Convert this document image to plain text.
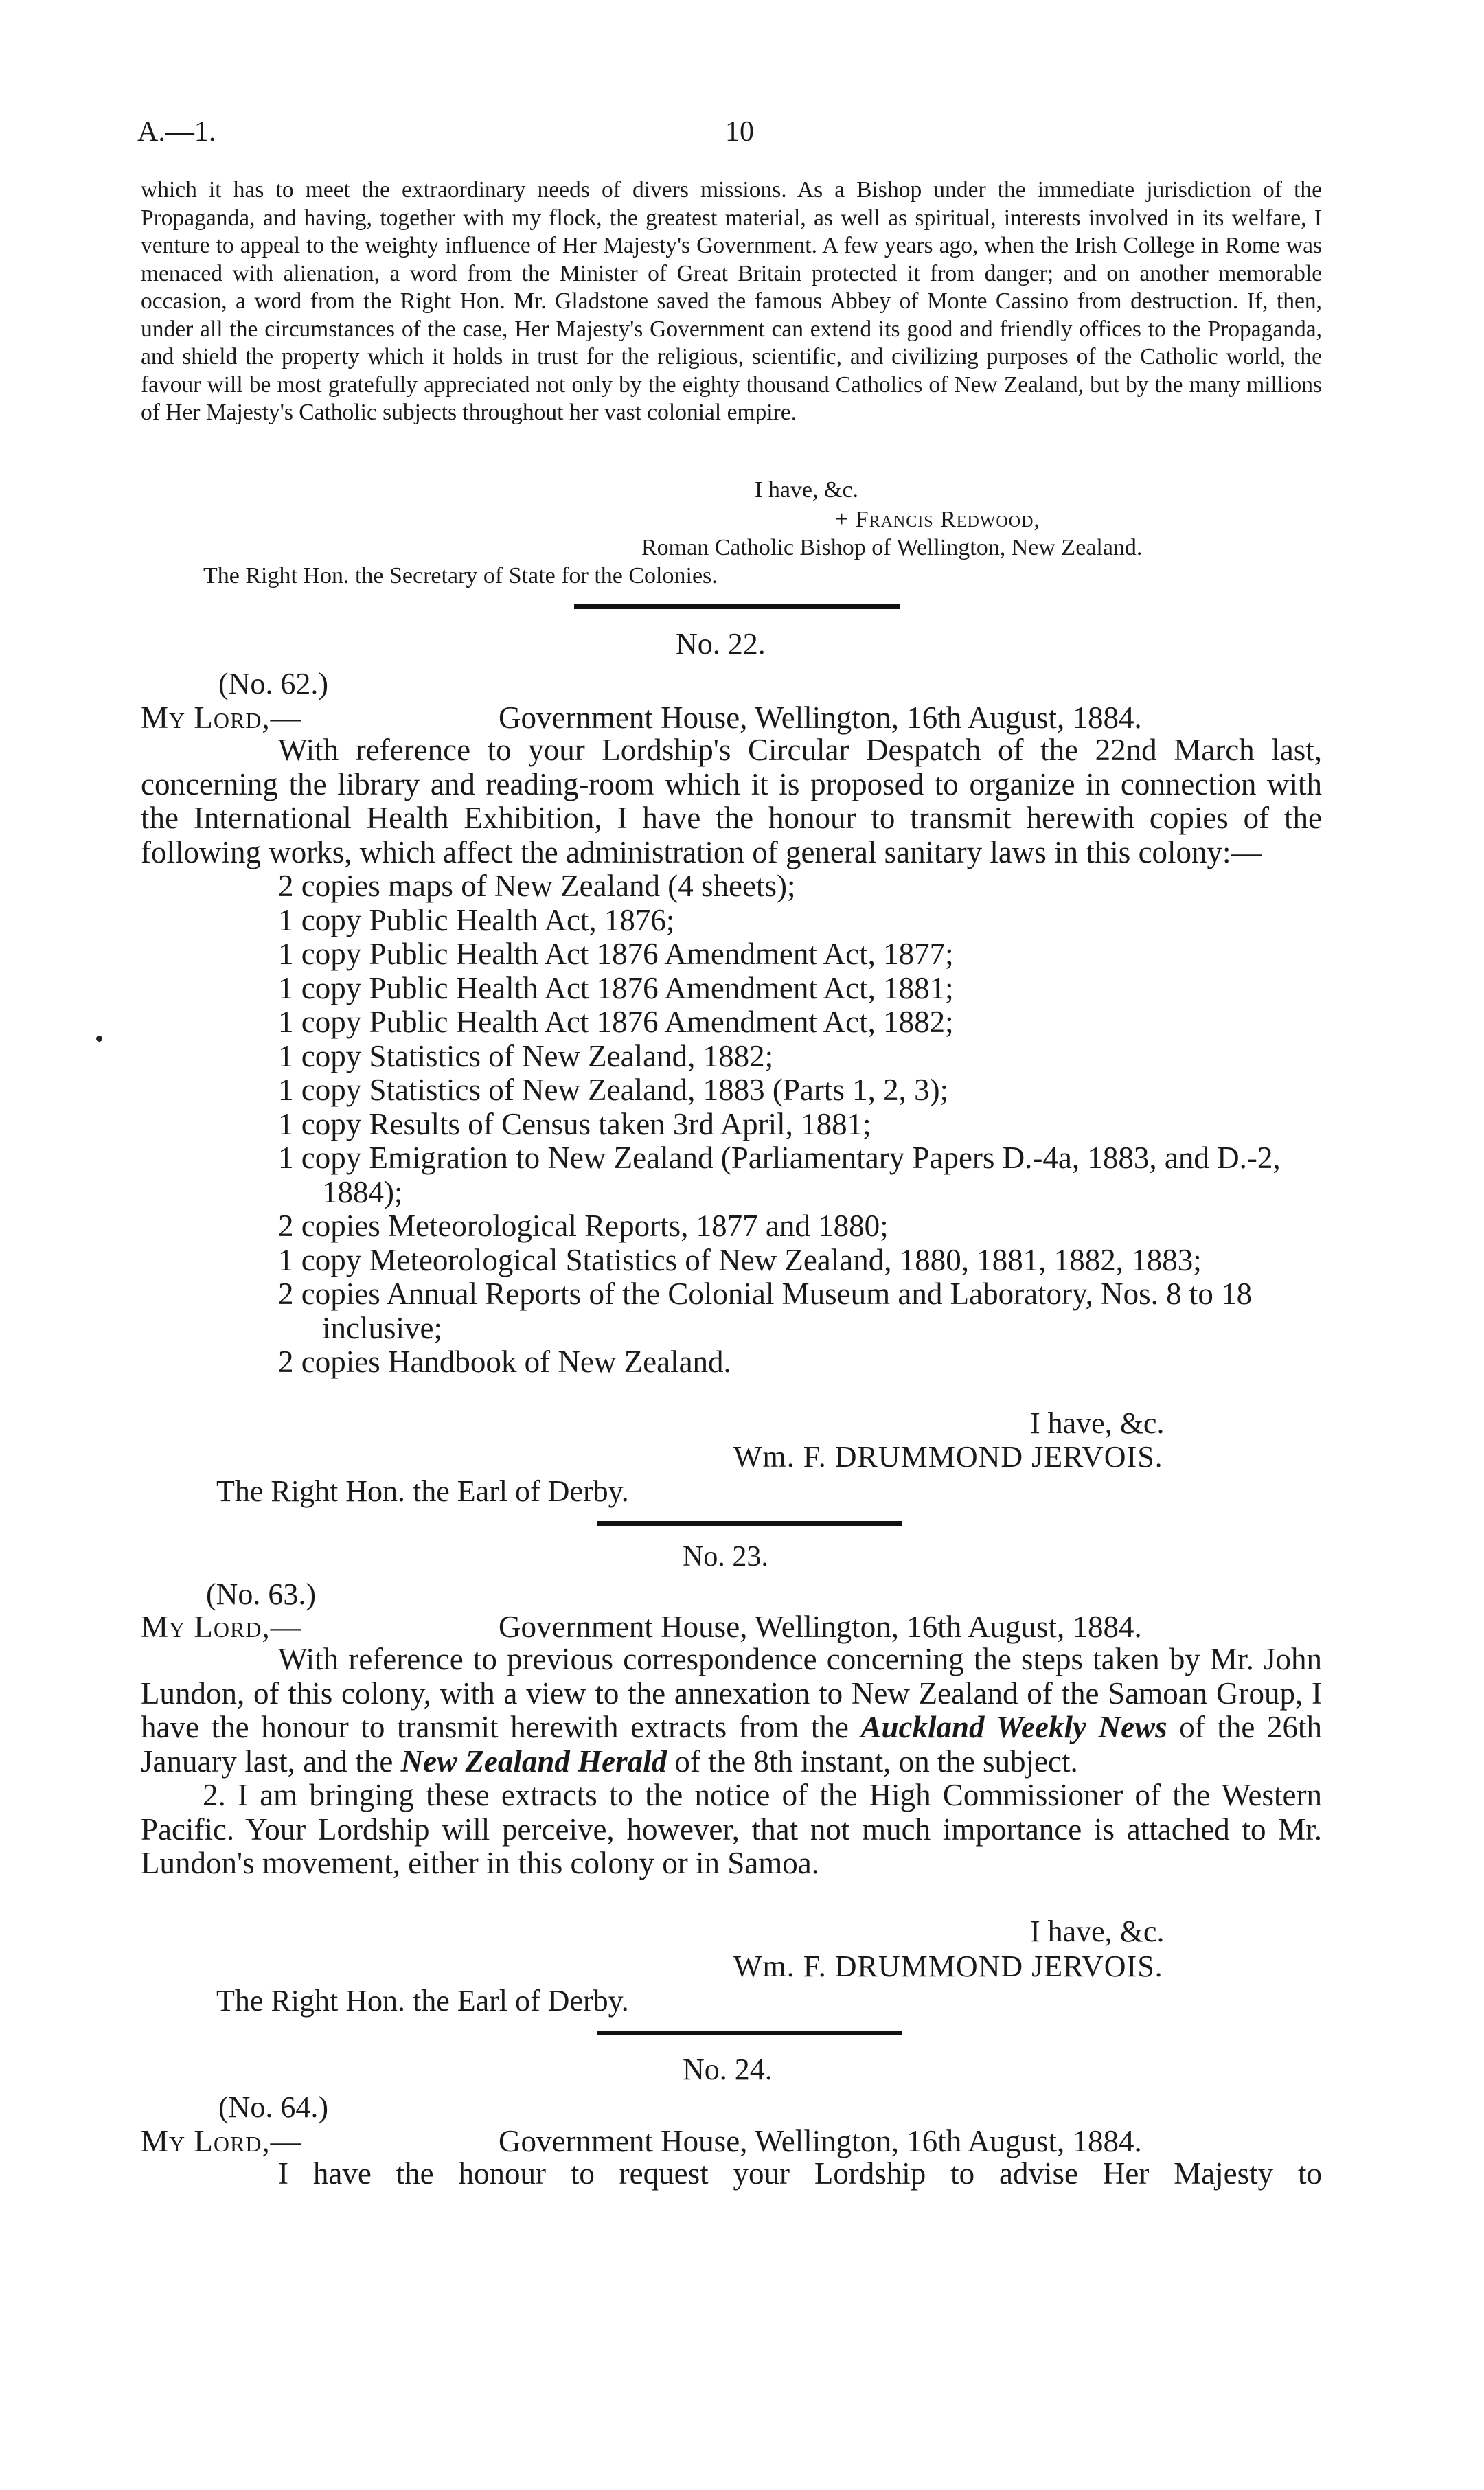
A.—1.	10

which it has to meet the extraordinary needs of divers missions. As a Bishop under the immediate jurisdiction of the Propaganda, and having, together with my flock, the greatest material, as well as spiritual, interests involved in its welfare, I venture to appeal to the weighty influence of Her Majesty's Government. A few years ago, when the Irish College in Rome was menaced with alienation, a word from the Minister of Great Britain protected it from danger; and on another memorable occasion, a word from the Right Hon. Mr. Gladstone saved the famous Abbey of Monte Cassino from destruction. If, then, under all the circumstances of the case, Her Majesty's Government can extend its good and friendly offices to the Propaganda, and shield the property which it holds in trust for the religious, scientific, and civilizing purposes of the Catholic world, the favour will be most gratefully appreciated not only by the eighty thousand Catholics of New Zealand, but by the many millions of Her Majesty's Catholic subjects throughout her vast colonial empire.

I have, &c.
+ Francis Redwood,
Roman Catholic Bishop of Wellington, New Zealand.
The Right Hon. the Secretary of State for the Colonies.
No. 22.
(No. 62.)
My Lord,—	Government House, Wellington, 16th August, 1884.

With reference to your Lordship's Circular Despatch of the 22nd March last, concerning the library and reading-room which it is proposed to organize in connection with the International Health Exhibition, I have the honour to transmit herewith copies of the following works, which affect the administration of general sanitary laws in this colony:—

2 copies maps of New Zealand (4 sheets);
1 copy Public Health Act, 1876;
1 copy Public Health Act 1876 Amendment Act, 1877;
1 copy Public Health Act 1876 Amendment Act, 1881;
1 copy Public Health Act 1876 Amendment Act, 1882;
1 copy Statistics of New Zealand, 1882;
1 copy Statistics of New Zealand, 1883 (Parts 1, 2, 3);
1 copy Results of Census taken 3rd April, 1881;
1 copy Emigration to New Zealand (Parliamentary Papers D.-4a, 1883, and D.-2, 1884);
2 copies Meteorological Reports, 1877 and 1880;
1 copy Meteorological Statistics of New Zealand, 1880, 1881, 1882, 1883;
2 copies Annual Reports of the Colonial Museum and Laboratory, Nos. 8 to 18 inclusive;
2 copies Handbook of New Zealand.
I have, &c.
Wm. F. DRUMMOND JERVOIS.
The Right Hon. the Earl of Derby.
No. 23.
(No. 63.)
My Lord,—	Government House, Wellington, 16th August, 1884.

With reference to previous correspondence concerning the steps taken by Mr. John Lundon, of this colony, with a view to the annexation to New Zealand of the Samoan Group, I have the honour to transmit herewith extracts from the Auckland Weekly News of the 26th January last, and the New Zealand Herald of the 8th instant, on the subject.

2. I am bringing these extracts to the notice of the High Commissioner of the Western Pacific. Your Lordship will perceive, however, that not much importance is attached to Mr. Lundon's movement, either in this colony or in Samoa.

I have, &c.
Wm. F. DRUMMOND JERVOIS.
The Right Hon. the Earl of Derby.
No. 24.
(No. 64.)
My Lord,—	Government House, Wellington, 16th August, 1884.

I have the honour to request your Lordship to advise Her Majesty to
